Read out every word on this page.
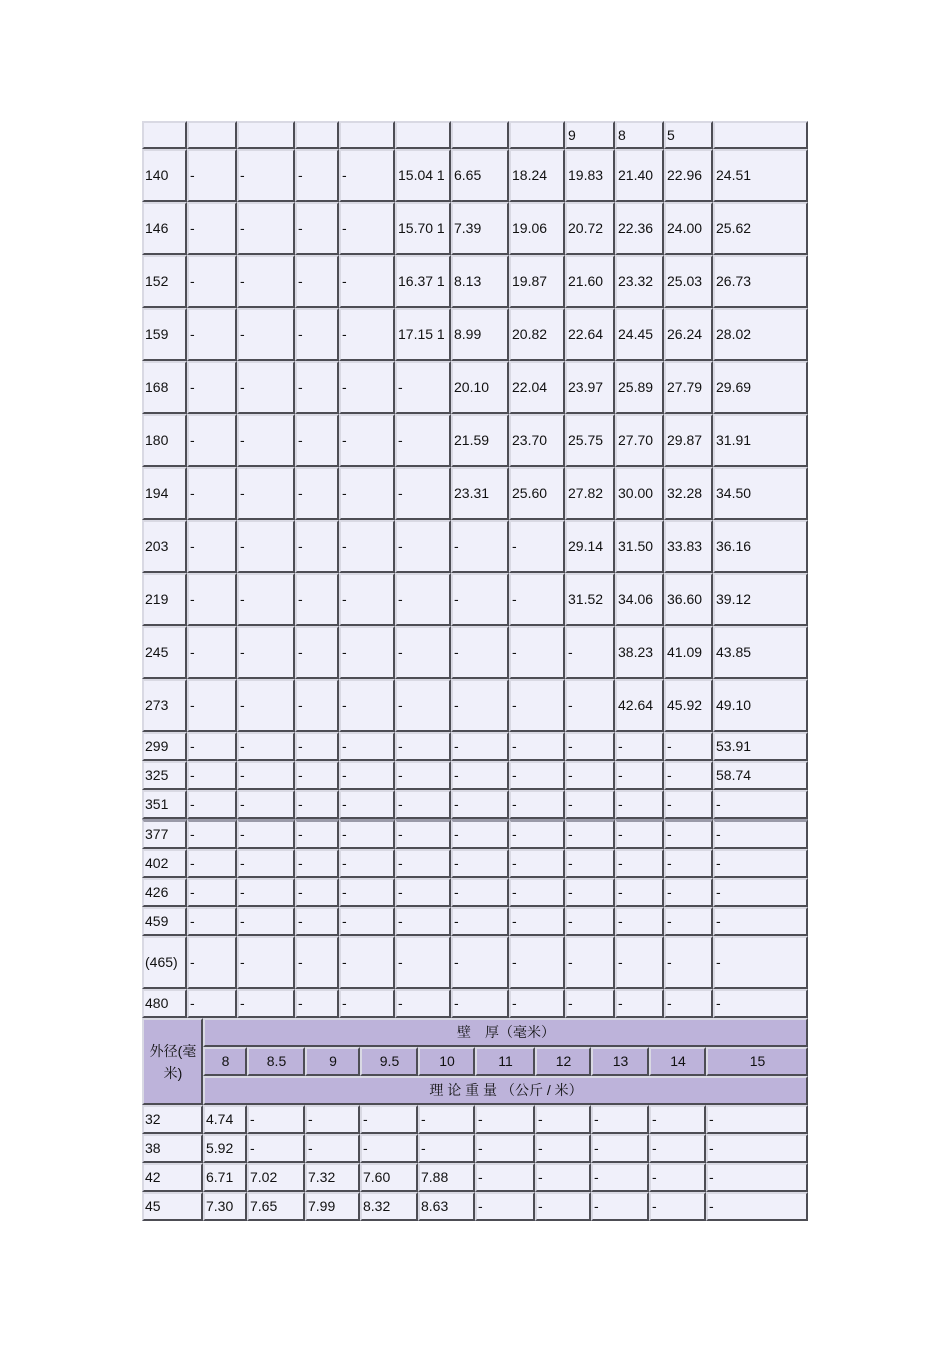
								9	8	5	
140	-	-	-	-	15.04 1	6.65	18.24	19.83	21.40	22.96	24.51
146	-	-	-	-	15.70 1	7.39	19.06	20.72	22.36	24.00	25.62
152	-	-	-	-	16.37 1	8.13	19.87	21.60	23.32	25.03	26.73
159	-	-	-	-	17.15 1	8.99	20.82	22.64	24.45	26.24	28.02
168	-	-	-	-	-	20.10	22.04	23.97	25.89	27.79	29.69
180	-	-	-	-	-	21.59	23.70	25.75	27.70	29.87	31.91
194	-	-	-	-	-	23.31	25.60	27.82	30.00	32.28	34.50
203	-	-	-	-	-	-	-	29.14	31.50	33.83	36.16
219	-	-	-	-	-	-	-	31.52	34.06	36.60	39.12
245	-	-	-	-	-	-	-	-	38.23	41.09	43.85
273	-	-	-	-	-	-	-	-	42.64	45.92	49.10
299	-	-	-	-	-	-	-	-	-	-	53.91
325	-	-	-	-	-	-	-	-	-	-	58.74
351	-	-	-	-	-	-	-	-	-	-	-
377	-	-	-	-	-	-	-	-	-	-	-
402	-	-	-	-	-	-	-	-	-	-	-
426	-	-	-	-	-	-	-	-	-	-	-
459	-	-	-	-	-	-	-	-	-	-	-
(465)	-	-	-	-	-	-	-	-	-	-	-
480	-	-	-	-	-	-	-	-	-	-	-
外径(毫米)	壁　厚（毫米）									
	8	8.5	9	9.5	10	11	12	13	14	15
	理 论 重 量 （公斤 / 米）									
32	4.74	-	-	-	-	-	-	-	-	-
38	5.92	-	-	-	-	-	-	-	-	-
42	6.71	7.02	7.32	7.60	7.88	-	-	-	-	-
45	7.30	7.65	7.99	8.32	8.63	-	-	-	-	-
